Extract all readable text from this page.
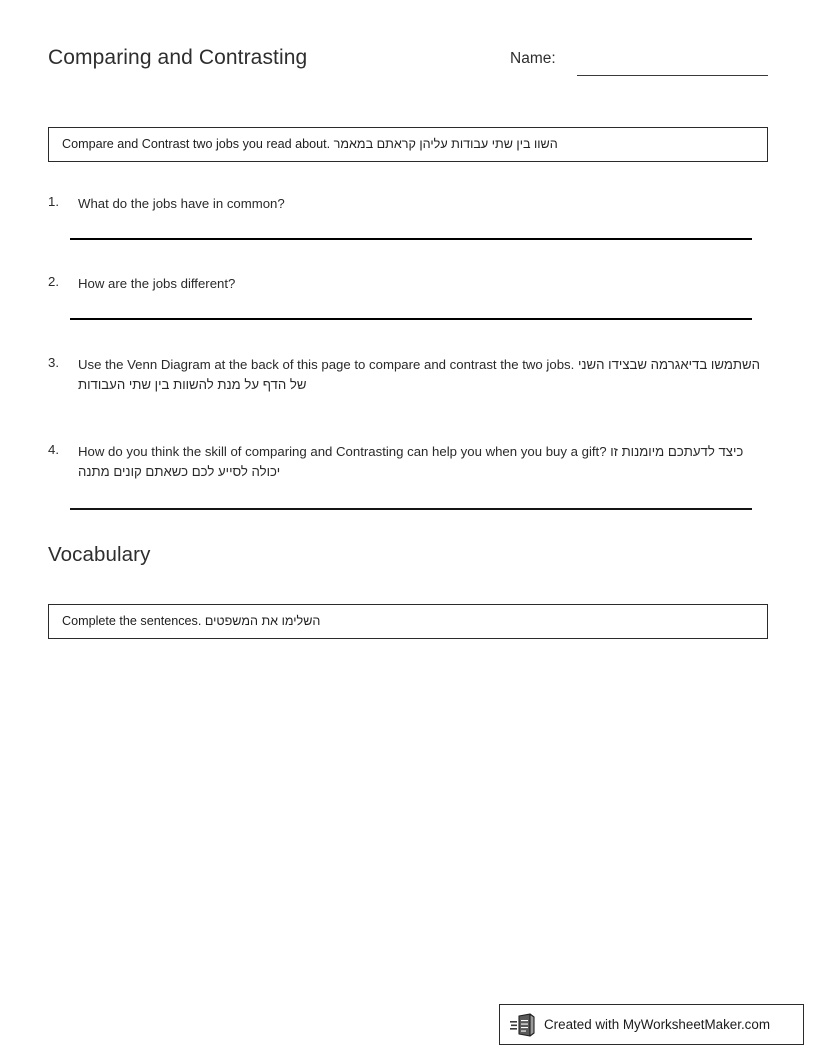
Comparing and Contrasting	Name:
Compare and Contrast two jobs you read about. השוו בין שתי עבודות עליהן קראתם במאמר
1.	What do the jobs have in common?
2.	How are the jobs different?
3.	Use the Venn Diagram at the back of this page to compare and contrast the two jobs. השתמשו בדיאגרמה שבצידו השני של הדף על מנת להשוות בין שתי העבודות
4.	How do you think the skill of comparing and Contrasting can help you when you buy a gift? כיצד לדעתכם מיומנות זו יכולה לסייע לכם כשאתם קונים מתנה
Vocabulary
Complete the sentences. השלימו את המשפטים
Created with MyWorksheetMaker.com
